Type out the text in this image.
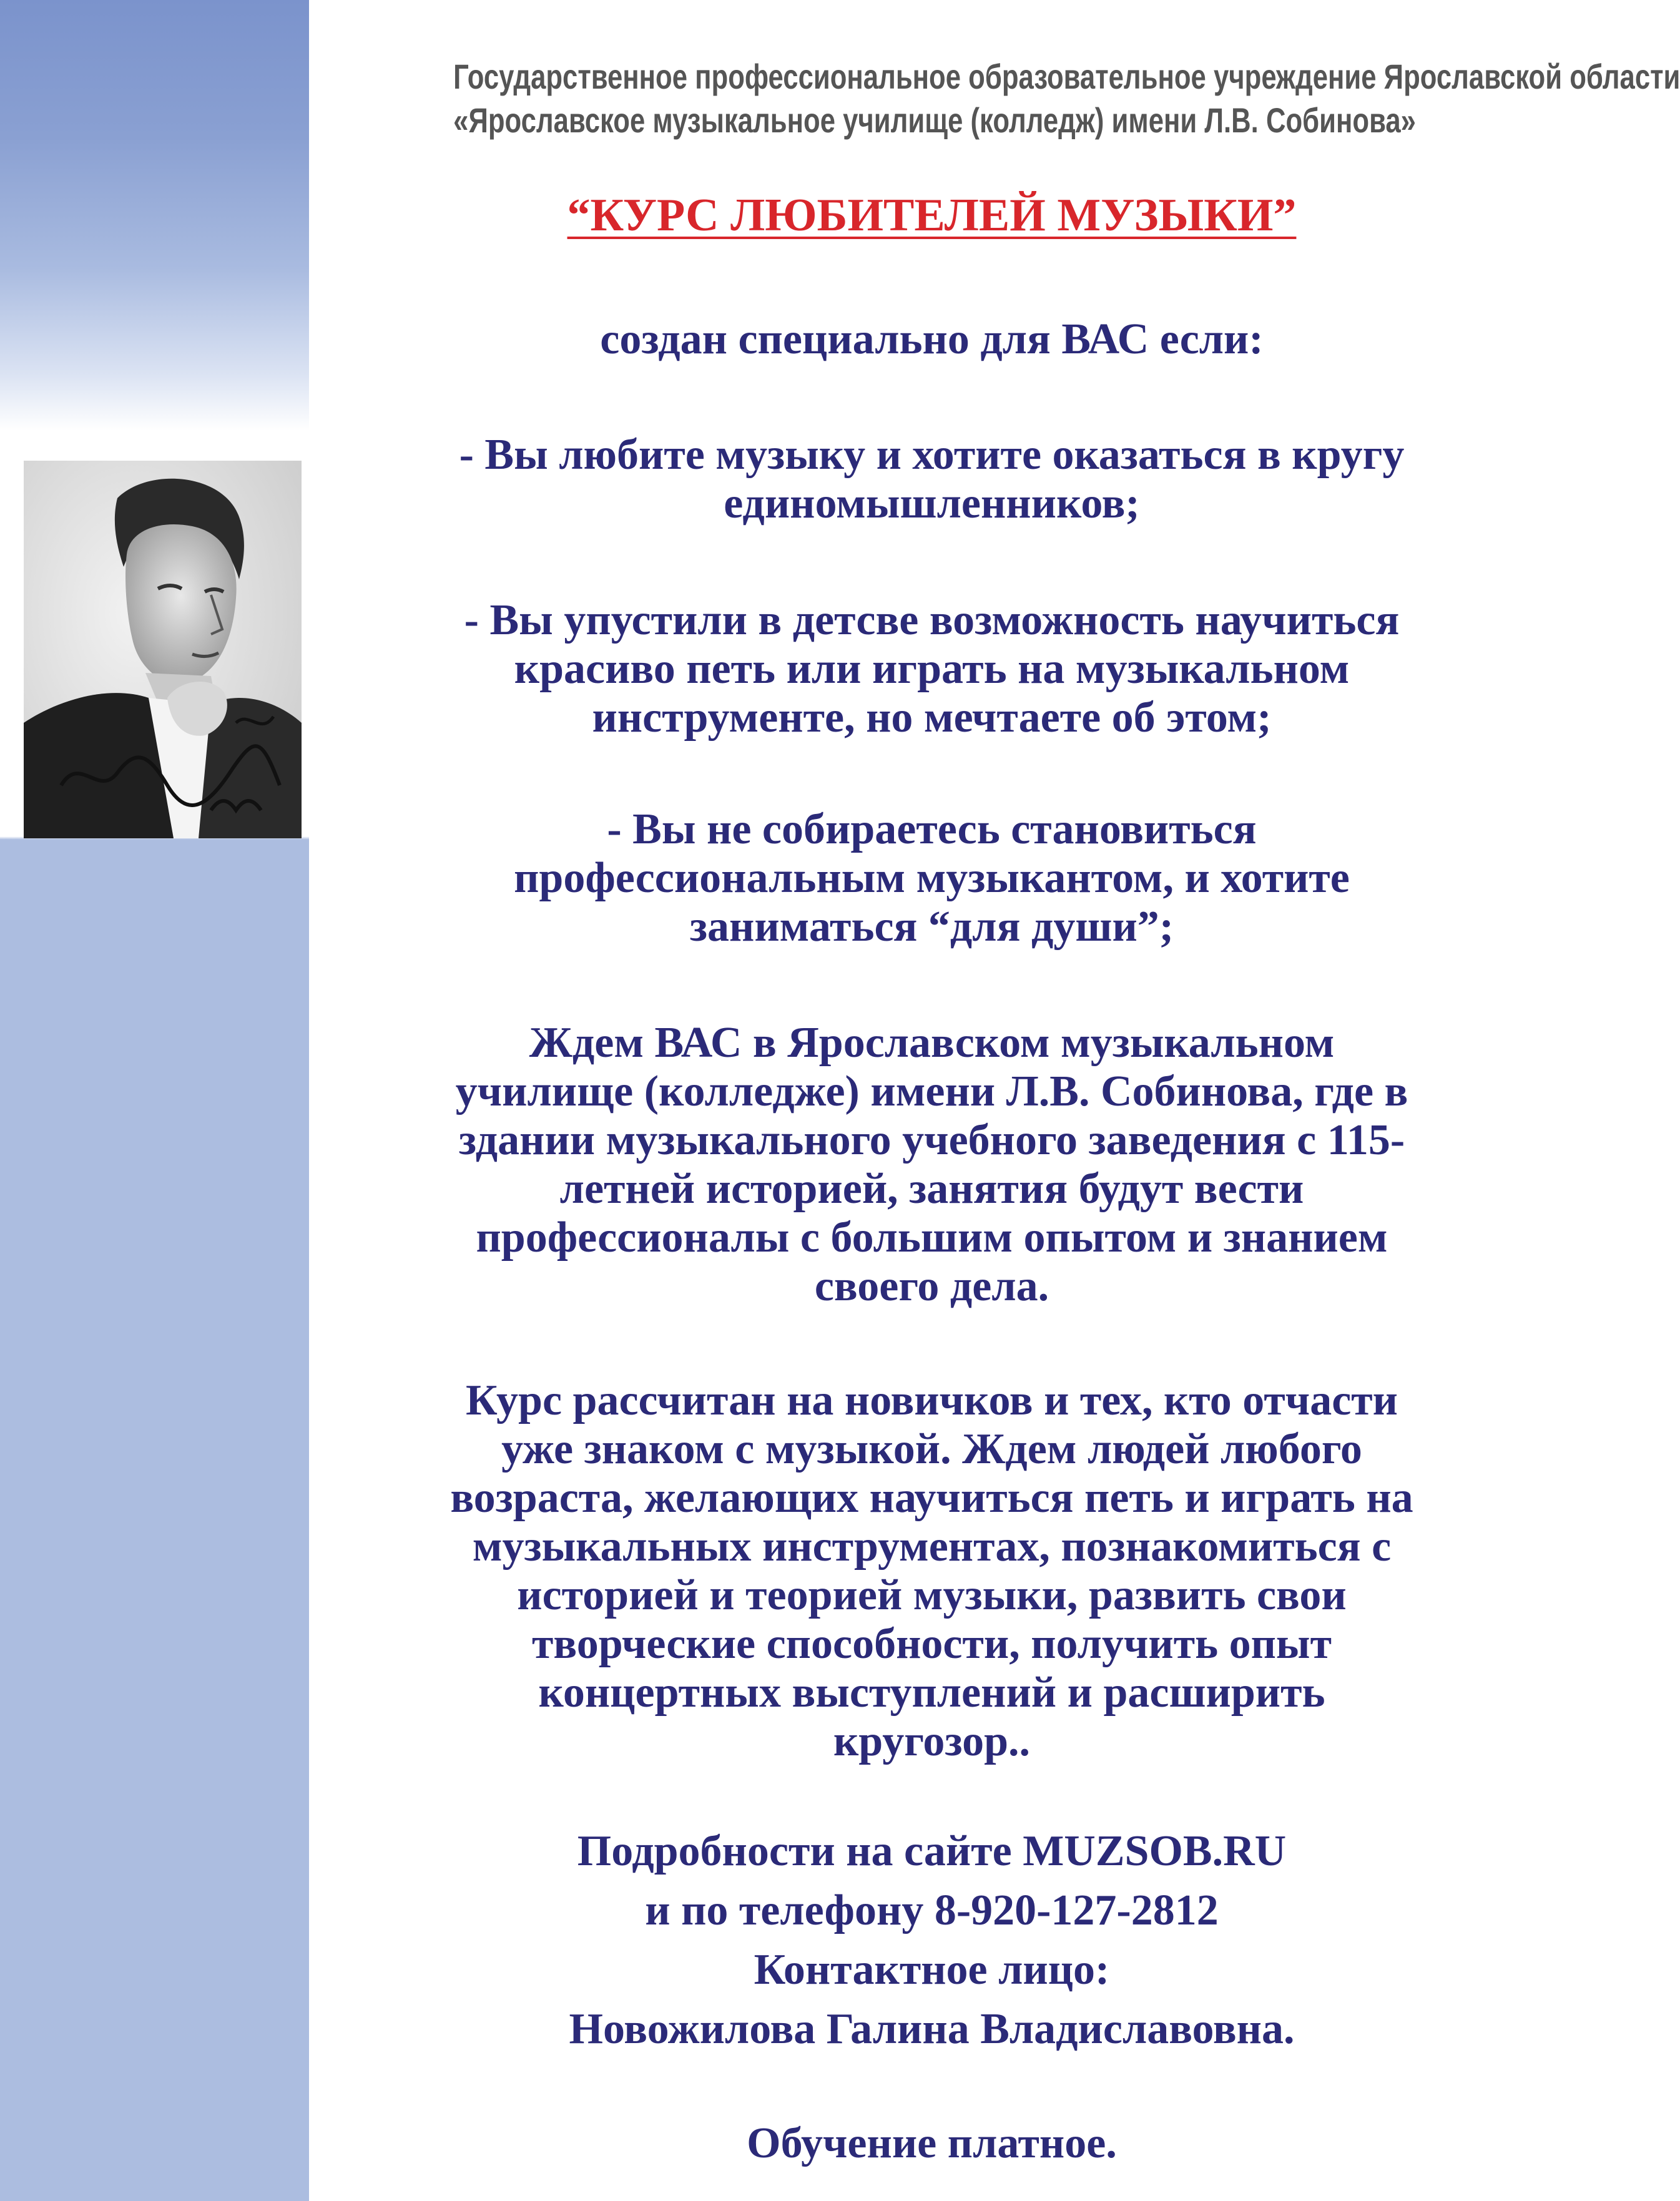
Государственное профессиональное образовательное учреждение Ярославской области
«Ярославское музыкальное училище (колледж) имени Л.В. Собинова»
“КУРС ЛЮБИТЕЛЕЙ МУЗЫКИ”
создан специально для ВАС если:
- Вы любите музыку и хотите оказаться в кругу
единомышленников;
- Вы упустили в детсве возможность научиться
красиво петь или играть на музыкальном
инструменте, но мечтаете об этом;
- Вы не собираетесь становиться
профессиональным музыкантом, и хотите
заниматься “для души”;
Ждем ВАС в Ярославском музыкальном
училище (колледже) имени Л.В. Собинова, где в
здании музыкального учебного заведения с 115-
летней историей, занятия будут вести
профессионалы с большим опытом и знанием
своего дела.
Курс рассчитан на новичков и тех, кто отчасти
уже знаком с музыкой. Ждем людей любого
возраста, желающих научиться петь и играть на
музыкальных инструментах, познакомиться с
историей и теорией музыки, развить свои
творческие способности, получить опыт
концертных выступлений и расширить
кругозор..
Подробности на сайте MUZSOB.RU
и по телефону 8-920-127-2812
Контактное лицо:
Новожилова Галина Владиславовна.
Обучение платное.
